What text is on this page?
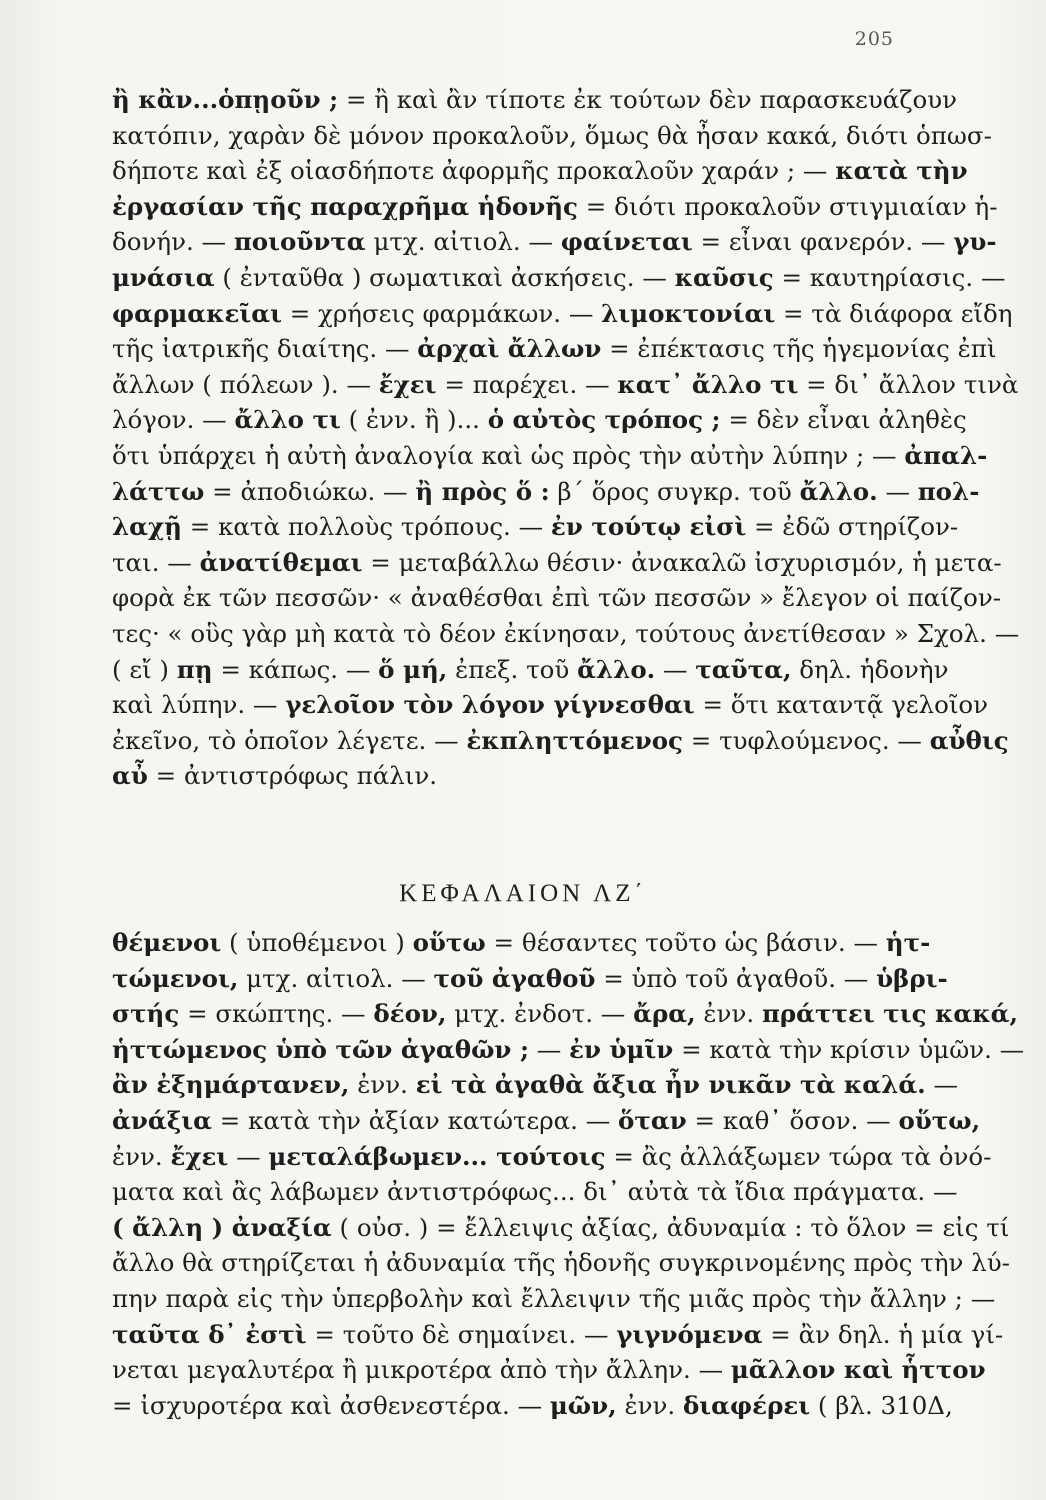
205
ἢ κἂν...ὁπῃοῦν ; = ἢ καὶ ἂν τίποτε ἐκ τούτων δὲν παρασκευάζουν
κατόπιν, χαρὰν δὲ μόνον προκαλοῦν, ὅμως θὰ ἦσαν κακά, διότι ὁπωσ-
δήποτε καὶ ἐξ οἱασδήποτε ἀφορμῆς προκαλοῦν χαράν ; — κατὰ τὴν
ἐργασίαν τῆς παραχρῆμα ἡδονῆς = διότι προκαλοῦν στιγμιαίαν ἡ-
δονήν. — ποιοῦντα μτχ. αἰτιολ. — φαίνεται = εἶναι φανερόν. — γυ-
μνάσια ( ἐνταῦθα ) σωματικαὶ ἀσκήσεις. — καῦσις = καυτηρίασις. —
φαρμακεῖαι = χρήσεις φαρμάκων. — λιμοκτονίαι = τὰ διάφορα εἴδη
τῆς ἰατρικῆς διαίτης. — ἀρχαὶ ἄλλων = ἐπέκτασις τῆς ἡγεμονίας ἐπὶ
ἄλλων ( πόλεων ). — ἔχει = παρέχει. — κατ᾽ ἄλλο τι = δι᾽ ἄλλον τινὰ
λόγον. — ἄλλο τι ( ἐνν. ἢ )... ὁ αὐτὸς τρόπος ; = δὲν εἶναι ἀληθὲς
ὅτι ὑπάρχει ἡ αὐτὴ ἀναλογία καὶ ὡς πρὸς τὴν αὐτὴν λύπην ; — ἀπαλ-
λάττω = ἀποδιώκω. — ἢ πρὸς ὅ : β΄ ὅρος συγκρ. τοῦ ἄλλο. — πολ-
λαχῇ = κατὰ πολλοὺς τρόπους. — ἐν τούτῳ εἰσὶ = ἐδῶ στηρίζον-
ται. — ἀνατίθεμαι = μεταβάλλω θέσιν· ἀνακαλῶ ἰσχυρισμόν, ἡ μετα-
φορὰ ἐκ τῶν πεσσῶν· « ἀναθέσθαι ἐπὶ τῶν πεσσῶν » ἔλεγον οἱ παίζον-
τες· « οὓς γὰρ μὴ κατὰ τὸ δέον ἐκίνησαν, τούτους ἀνετίθεσαν » Σχολ. —
( εἴ ) πῃ = κάπως. — ὅ μή, ἐπεξ. τοῦ ἄλλο. — ταῦτα, δηλ. ἡδονὴν
καὶ λύπην. — γελοῖον τὸν λόγον γίγνεσθαι = ὅτι καταντᾷ γελοῖον
ἐκεῖνο, τὸ ὁποῖον λέγετε. — ἐκπληττόμενος = τυφλούμενος. — αὖθις
αὖ = ἀντιστρόφως πάλιν.
ΚΕΦΑΛΑΙΟΝ ΛΖ΄
θέμενοι ( ὑποθέμενοι ) οὕτω = θέσαντες τοῦτο ὡς βάσιν. — ἡτ-
τώμενοι, μτχ. αἰτιολ. — τοῦ ἀγαθοῦ = ὑπὸ τοῦ ἀγαθοῦ. — ὑβρι-
στής = σκώπτης. — δέον, μτχ. ἐνδοτ. — ἄρα, ἐνν. πράττει τις κακά,
ἡττώμενος ὑπὸ τῶν ἀγαθῶν ; — ἐν ὑμῖν = κατὰ τὴν κρίσιν ὑμῶν. —
ἂν ἐξημάρτανεν, ἐνν. εἰ τὰ ἀγαθὰ ἄξια ἦν νικᾶν τὰ καλά. —
ἀνάξια = κατὰ τὴν ἀξίαν κατώτερα. — ὅταν = καθ᾽ ὅσον. — οὕτω,
ἐνν. ἔχει — μεταλάβωμεν... τούτοις = ἂς ἀλλάξωμεν τώρα τὰ ὀνό-
ματα καὶ ἂς λάβωμεν ἀντιστρόφως... δι᾽ αὐτὰ τὰ ἴδια πράγματα. —
( ἄλλη ) ἀναξία ( οὐσ. ) = ἔλλειψις ἀξίας, ἀδυναμία : τὸ ὅλον = εἰς τί
ἄλλο θὰ στηρίζεται ἡ ἀδυναμία τῆς ἡδονῆς συγκρινομένης πρὸς τὴν λύ-
πην παρὰ εἰς τὴν ὑπερβολὴν καὶ ἔλλειψιν τῆς μιᾶς πρὸς τὴν ἄλλην ; —
ταῦτα δ᾽ ἐστὶ = τοῦτο δὲ σημαίνει. — γιγνόμενα = ἂν δηλ. ἡ μία γί-
νεται μεγαλυτέρα ἢ μικροτέρα ἀπὸ τὴν ἄλλην. — μᾶλλον καὶ ἧττον
= ἰσχυροτέρα καὶ ἀσθενεστέρα. — μῶν, ἐνν. διαφέρει ( βλ. 310Δ,
